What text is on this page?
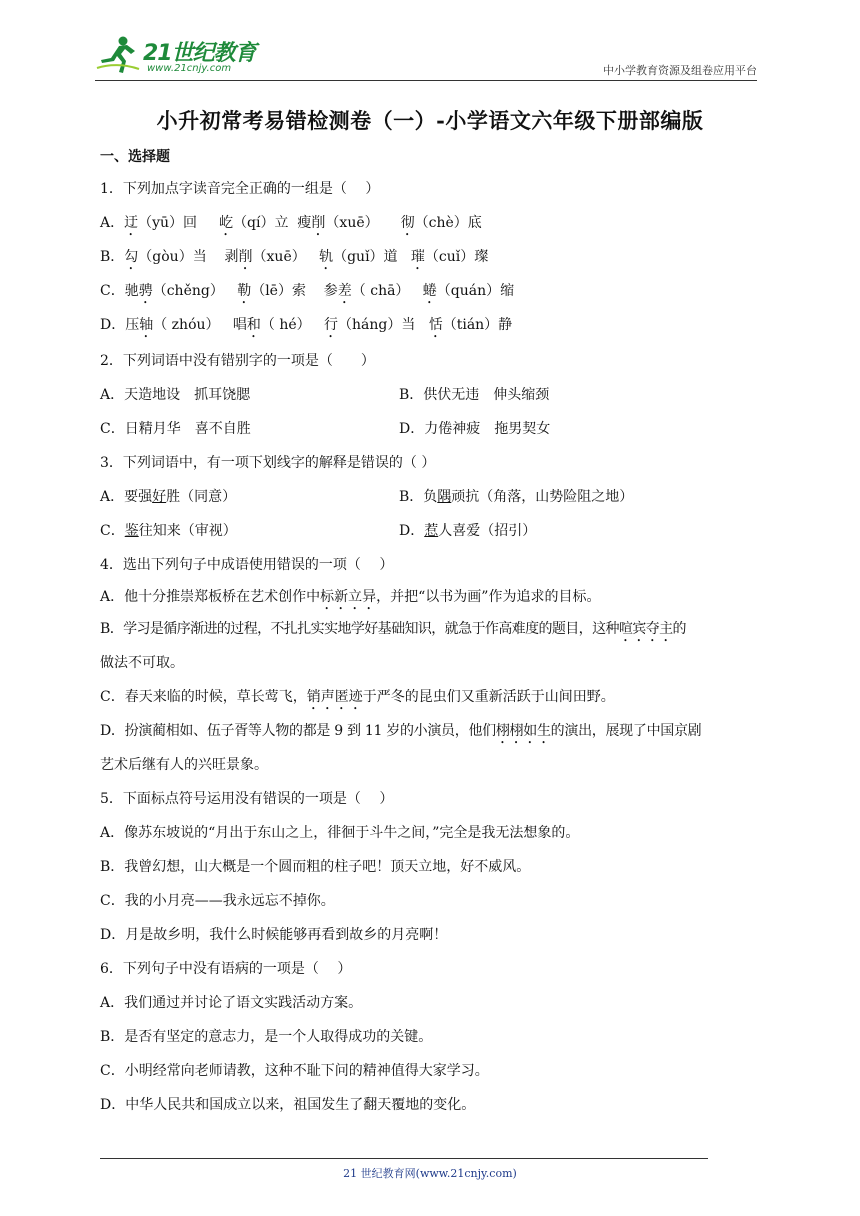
21世纪教育
www.21cnjy.com	中小学教育资源及组卷应用平台
小升初常考易错检测卷（一）-小学语文六年级下册部编版
一、选择题
1．下列加点字读音完全正确的一组是（　 ）
A．迂（yū）回 屹（qí）立 瘦削（xuē） 彻（chè）底
B．勾（gòu）当 剥削（xuē） 轨（guǐ）道 璀（cuǐ）璨
C．驰骋（chěng） 勒（lē）索 参差（ chā） 蜷（quán）缩
D．压轴（ zhóu） 唱和（ hé） 行（háng）当 恬（tián）静
2．下列词语中没有错别字的一项是（　　）
A．天造地设　抓耳饶腮	B．供伏无违　伸头缩颈
C．日精月华　喜不自胜	D．力倦神疲　拖男契女
3．下列词语中，有一项下划线字的解释是错误的（ ）
A．要强好胜（同意）	B．负隅顽抗（角落，山势险阻之地）
C．鉴往知来（审视）	D．惹人喜爱（招引）
4．选出下列句子中成语使用错误的一项（　 ）
A．他十分推崇郑板桥在艺术创作中标新立异，并把“以书为画”作为追求的目标。
B．学习是循序渐进的过程，不扎扎实实地学好基础知识，就急于作高难度的题目，这种喧宾夺主的
做法不可取。
C．春天来临的时候，草长莺飞，销声匿迹于严冬的昆虫们又重新活跃于山间田野。
D．扮演蔺相如、伍子胥等人物的都是 9 到 11 岁的小演员，他们栩栩如生的演出，展现了中国京剧
艺术后继有人的兴旺景象。
5．下面标点符号运用没有错误的一项是（　 ）
A．像苏东坡说的“月出于东山之上，徘徊于斗牛之间，”完全是我无法想象的。
B．我曾幻想，山大概是一个圆而粗的柱子吧！顶天立地，好不威风。
C．我的小月亮——我永远忘不掉你。
D．月是故乡明，我什么时候能够再看到故乡的月亮啊！
6．下列句子中没有语病的一项是（　 ）
A．我们通过并讨论了语文实践活动方案。
B．是否有坚定的意志力，是一个人取得成功的关键。
C．小明经常向老师请教，这种不耻下问的精神值得大家学习。
D．中华人民共和国成立以来，祖国发生了翻天覆地的变化。
21 世纪教育网(www.21cnjy.com)
